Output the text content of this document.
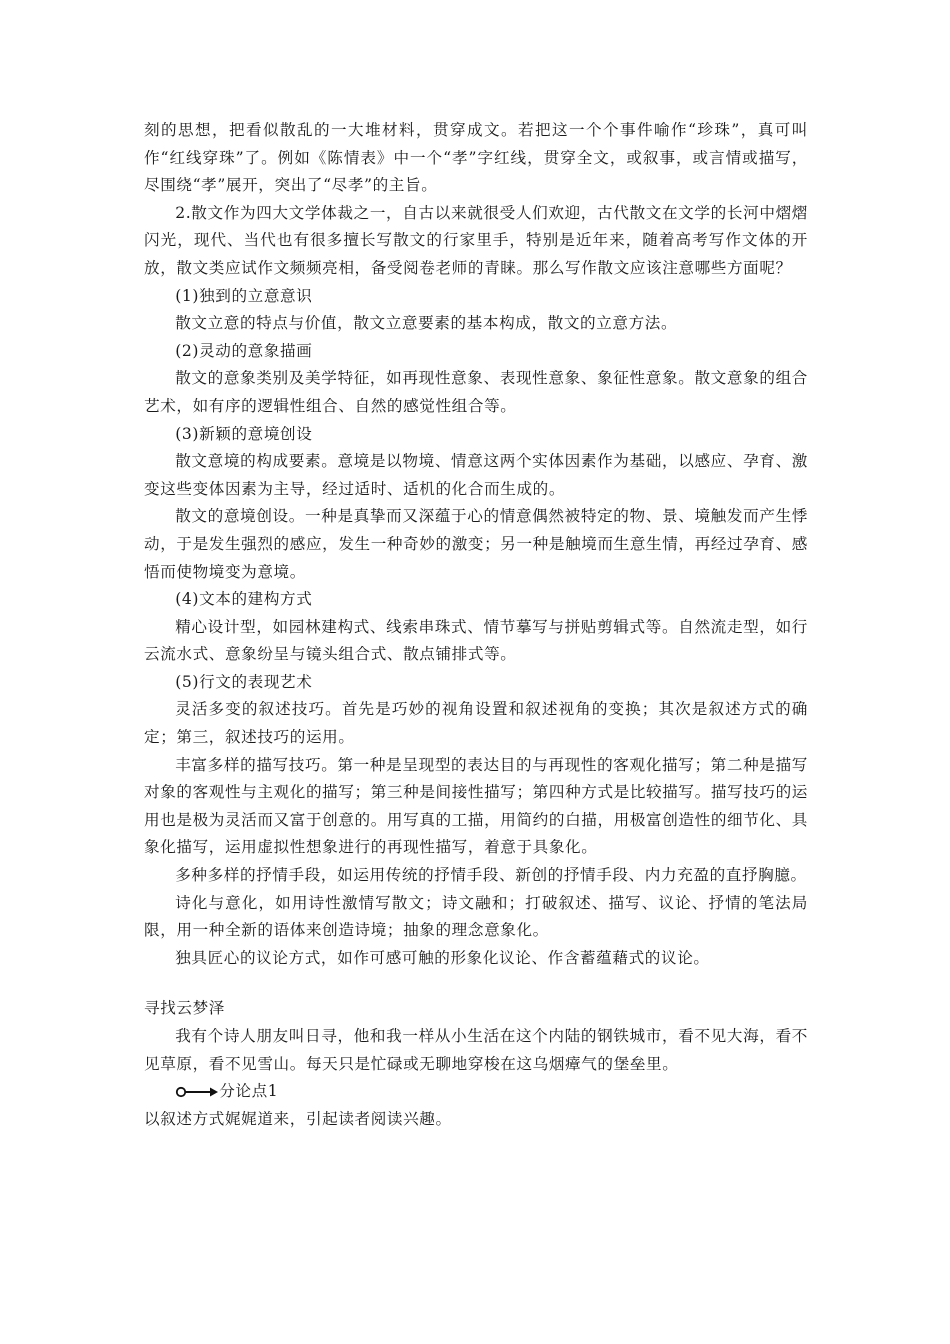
刻的思想，把看似散乱的一大堆材料，贯穿成文。若把这一个个事件喻作“珍珠”，真可叫作“红线穿珠”了。例如《陈情表》中一个“孝”字红线，贯穿全文，或叙事，或言情或描写，尽围绕“孝”展开，突出了“尽孝”的主旨。

2.散文作为四大文学体裁之一，自古以来就很受人们欢迎，古代散文在文学的长河中熠熠闪光，现代、当代也有很多擅长写散文的行家里手，特别是近年来，随着高考写作文体的开放，散文类应试作文频频亮相，备受阅卷老师的青睐。那么写作散文应该注意哪些方面呢？

(1)独到的立意意识

散文立意的特点与价值，散文立意要素的基本构成，散文的立意方法。

(2)灵动的意象描画

散文的意象类别及美学特征，如再现性意象、表现性意象、象征性意象。散文意象的组合艺术，如有序的逻辑性组合、自然的感觉性组合等。

(3)新颖的意境创设

散文意境的构成要素。意境是以物境、情意这两个实体因素作为基础，以感应、孕育、激变这些变体因素为主导，经过适时、适机的化合而生成的。

散文的意境创设。一种是真挚而又深蕴于心的情意偶然被特定的物、景、境触发而产生悸动，于是发生强烈的感应，发生一种奇妙的激变；另一种是触境而生意生情，再经过孕育、感悟而使物境变为意境。

(4)文本的建构方式

精心设计型，如园林建构式、线索串珠式、情节摹写与拼贴剪辑式等。自然流走型，如行云流水式、意象纷呈与镜头组合式、散点铺排式等。

(5)行文的表现艺术

灵活多变的叙述技巧。首先是巧妙的视角设置和叙述视角的变换；其次是叙述方式的确定；第三，叙述技巧的运用。

丰富多样的描写技巧。第一种是呈现型的表达目的与再现性的客观化描写；第二种是描写对象的客观性与主观化的描写；第三种是间接性描写；第四种方式是比较描写。描写技巧的运用也是极为灵活而又富于创意的。用写真的工描，用简约的白描，用极富创造性的细节化、具象化描写，运用虚拟性想象进行的再现性描写，着意于具象化。

多种多样的抒情手段，如运用传统的抒情手段、新创的抒情手段、内力充盈的直抒胸臆。

诗化与意化，如用诗性激情写散文；诗文融和；打破叙述、描写、议论、抒情的笔法局限，用一种全新的语体来创造诗境；抽象的理念意象化。

独具匠心的议论方式，如作可感可触的形象化议论、作含蓄蕴藉式的议论。

寻找云梦泽

我有个诗人朋友叫日寻，他和我一样从小生活在这个内陆的钢铁城市，看不见大海，看不见草原，看不见雪山。每天只是忙碌或无聊地穿梭在这乌烟瘴气的堡垒里。

分论点1

以叙述方式娓娓道来，引起读者阅读兴趣。
